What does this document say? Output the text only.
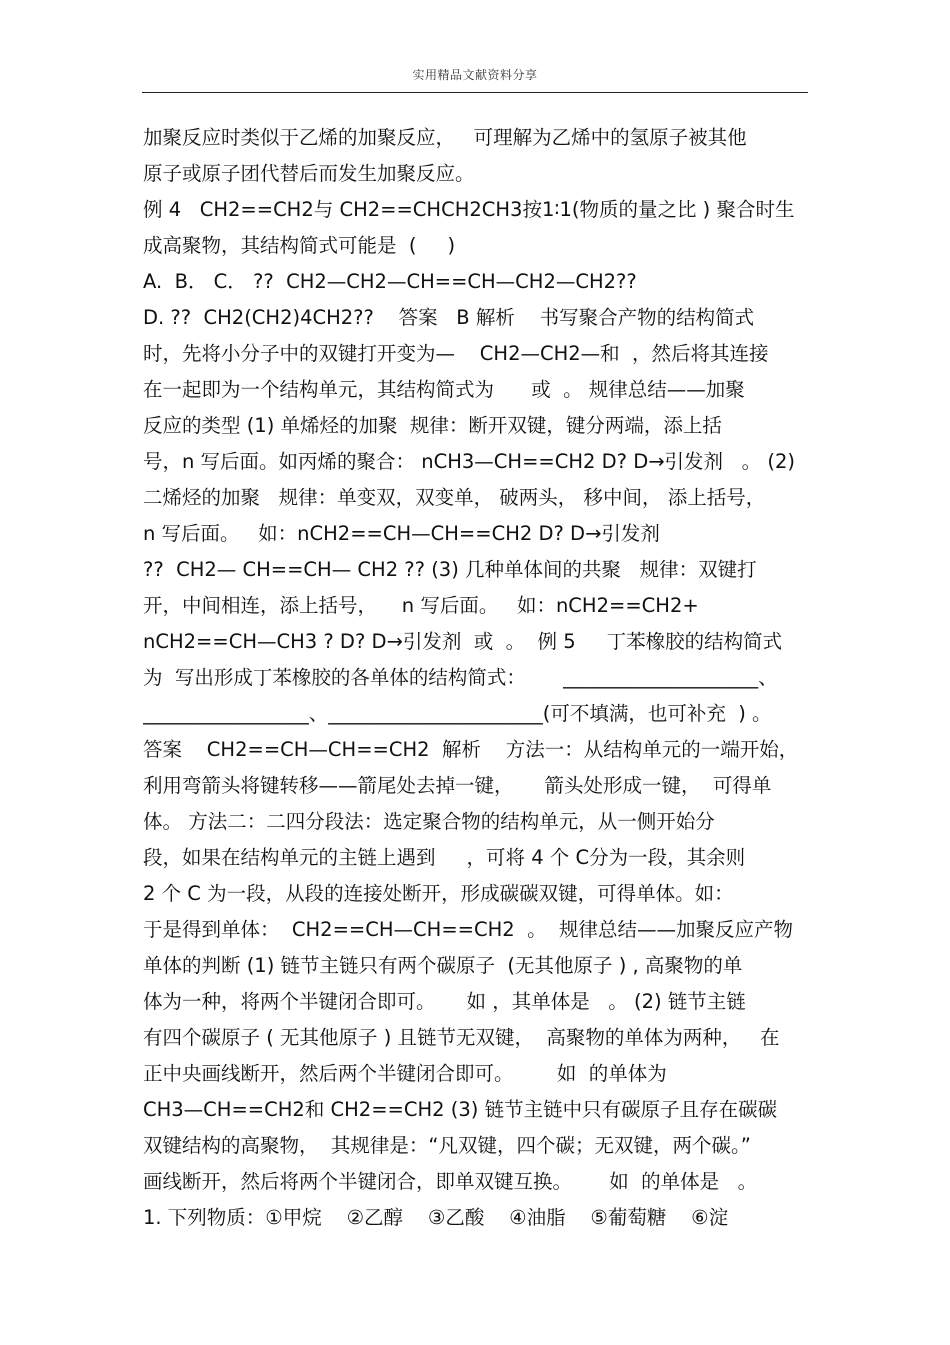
实用精品文献资料分享
加聚反应时类似于乙烯的加聚反应，   可理解为乙烯中的氢原子被其他
原子或原子团代替后而发生加聚反应。
例 4   CH2==CH2与 CH2==CHCH2CH3按1∶1(物质的量之比 ) 聚合时生
成高聚物，其结构简式可能是  (     )
A.  B． C． ??  CH2—CH2—CH==CH—CH2—CH2??
D. ??  CH2(CH2)4CH2??    答案   B 解析    书写聚合产物的结构简式
时，先将小分子中的双键打开变为—    CH2—CH2—和  ，然后将其连接
在一起即为一个结构单元，其结构简式为      或  。 规律总结——加聚
反应的类型 (1) 单烯烃的加聚  规律：断开双键，键分两端，添上括
号，n 写后面。如丙烯的聚合： nCH3—CH==CH2 D? D→引发剂   。 (2)
二烯烃的加聚   规律：单变双，双变单， 破两头， 移中间， 添上括号，
n 写后面。   如：nCH2==CH—CH==CH2 D? D→引发剂
??  CH2— CH==CH— CH2 ?? (3) 几种单体间的共聚   规律：双键打
开，中间相连，添上括号，    n 写后面。   如：nCH2==CH2+
nCH2==CH—CH3 ? D? D→引发剂  或  。  例 5     丁苯橡胶的结构简式
为  写出形成丁苯橡胶的各单体的结构简式：      ____________________、
_________________、______________________(可不填满，也可补充  ) 。
答案    CH2==CH—CH==CH2  解析    方法一：从结构单元的一端开始，
利用弯箭头将键转移——箭尾处去掉一键，     箭头处形成一键，  可得单
体。 方法二：二四分段法：选定聚合物的结构单元，从一侧开始分
段，如果在结构单元的主链上遇到     ，可将 4 个 C分为一段，其余则
2 个 C 为一段，从段的连接处断开，形成碳碳双键，可得单体。如：
于是得到单体：  CH2==CH—CH==CH2  。  规律总结——加聚反应产物
单体的判断 (1) 链节主链只有两个碳原子  (无其他原子 ) , 高聚物的单
体为一种，将两个半键闭合即可。     如 ，其单体是   。 (2) 链节主链
有四个碳原子 ( 无其他原子 ) 且链节无双键，  高聚物的单体为两种，   在
正中央画线断开，然后两个半键闭合即可。       如  的单体为
CH3—CH==CH2和 CH2==CH2 (3) 链节主链中只有碳原子且存在碳碳
双键结构的高聚物，  其规律是：“凡双键，四个碳；无双键，两个碳。”
画线断开，然后将两个半键闭合，即单双键互换。      如  的单体是   。
1. 下列物质：①甲烷    ②乙醇    ③乙酸    ④油脂    ⑤葡萄糖    ⑥淀
